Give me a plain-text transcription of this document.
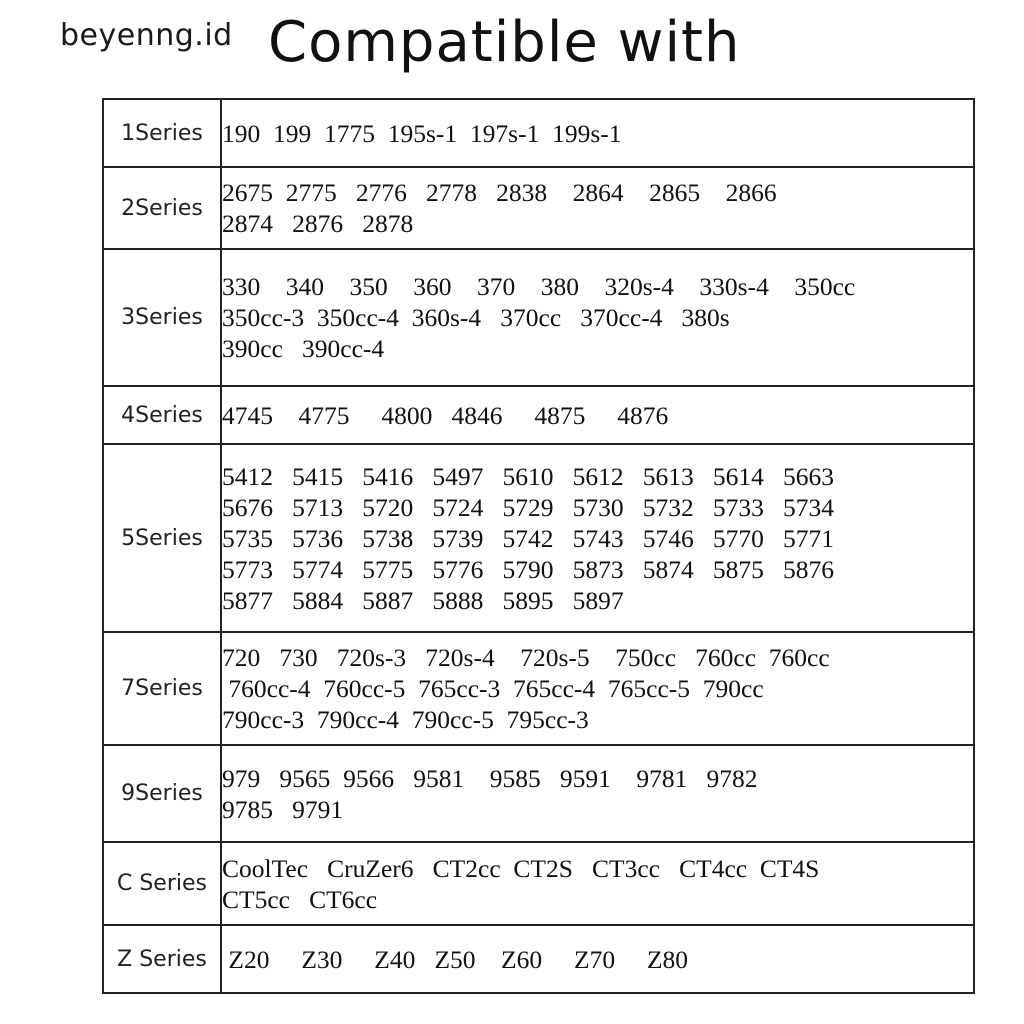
beyenng.id Compatible with
1Series	190  199  1775  195s-1  197s-1  199s-1

2Series	2675  2775   2776   2778   2838    2864    2865    2866
2874   2876   2878

3Series	330    340    350    360    370    380    320s-4    330s-4    350cc
350cc-3  350cc-4  360s-4   370cc   370cc-4   380s
390cc   390cc-4

4Series	4745    4775     4800   4846     4875     4876

5Series	5412   5415   5416   5497   5610   5612   5613   5614   5663
5676   5713   5720   5724   5729   5730   5732   5733   5734
5735   5736   5738   5739   5742   5743   5746   5770   5771
5773   5774   5775   5776   5790   5873   5874   5875   5876
5877   5884   5887   5888   5895   5897

7Series	720   730   720s-3   720s-4    720s-5    750cc   760cc  760cc
760cc-4  760cc-5  765cc-3  765cc-4  765cc-5  790cc
790cc-3  790cc-4  790cc-5  795cc-3

9Series	979   9565  9566   9581    9585   9591    9781   9782
9785   9791

C Series	CoolTec   CruZer6   CT2cc  CT2S   CT3cc   CT4cc  CT4S
CT5cc   CT6cc

Z Series	Z20     Z30     Z40   Z50    Z60     Z70     Z80
